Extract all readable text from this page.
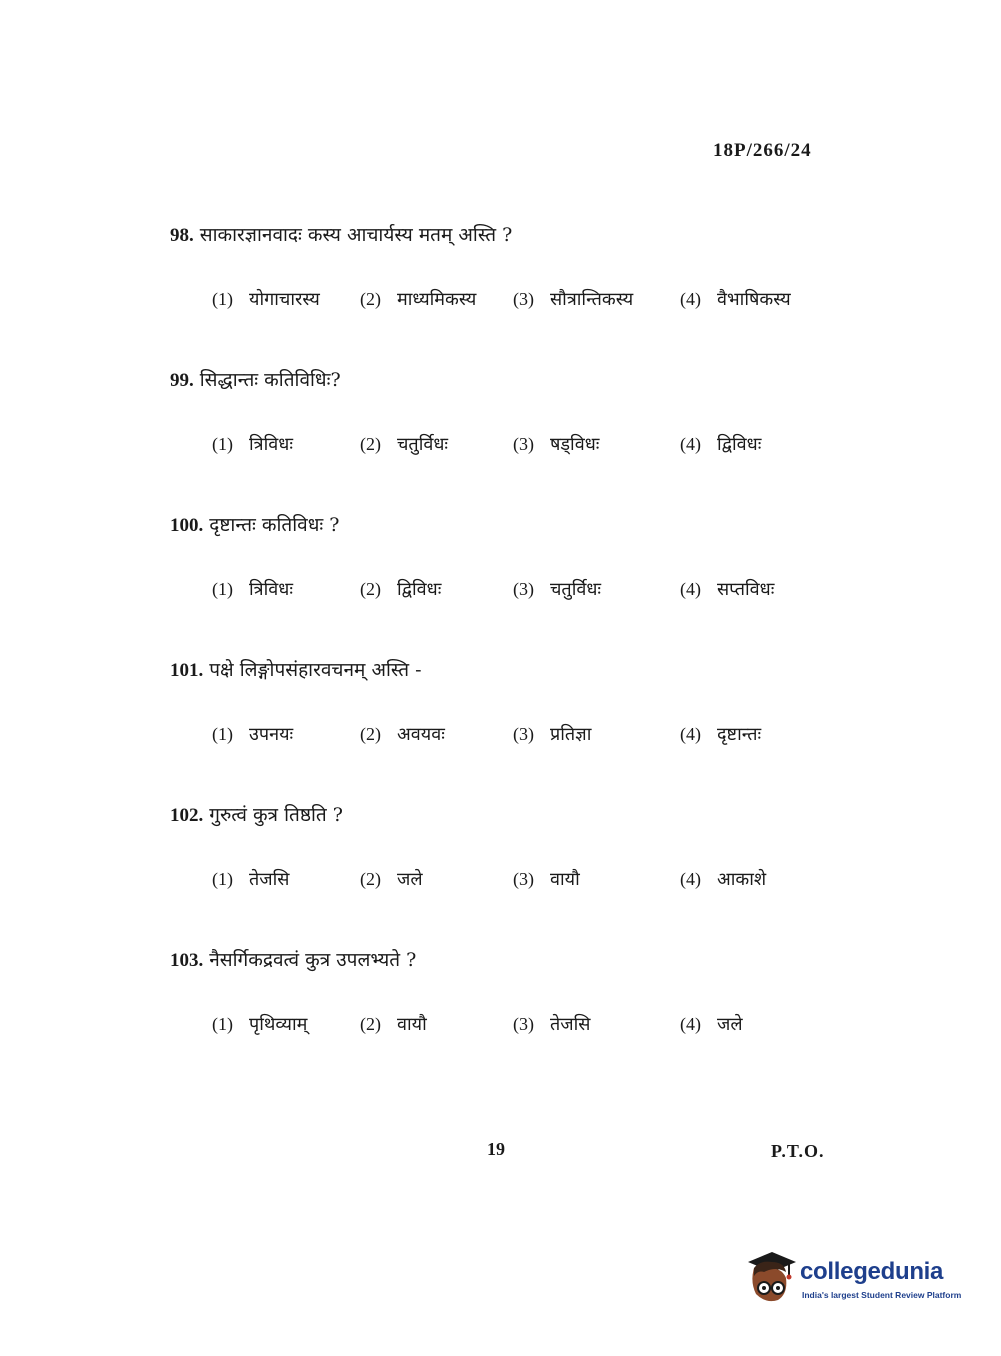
18P/266/24
98. साकारज्ञानवादः कस्य आचार्यस्य मतम् अस्ति ?
(1) योगाचारस्य (2) माध्यमिकस्य (3) सौत्रान्तिकस्य	(4) वैभाषिकस्य
99. सिद्धान्तः कतिविधिः?
(1) त्रिविधः	(2) चतुर्विधः	(3) षड्विधः	(4) द्विविधः
100. दृष्टान्तः कतिविधः ?
(1) त्रिविधः	(2) द्विविधः	(3) चतुर्विधः	(4) सप्तविधः
101. पक्षे लिङ्गोपसंहारवचनम् अस्ति -
(1) उपनयः	(2) अवयवः	(3) प्रतिज्ञा	(4) दृष्टान्तः
102. गुरुत्वं कुत्र तिष्ठति ?
(1) तेजसि	(2) जले	(3) वायौ	(4) आकाशे
103. नैसर्गिकद्रवत्वं कुत्र उपलभ्यते ?
(1) पृथिव्याम्	(2) वायौ	(3) तेजसि	(4) जले
19	P.T.O.
collegedunia
India's largest Student Review Platform
